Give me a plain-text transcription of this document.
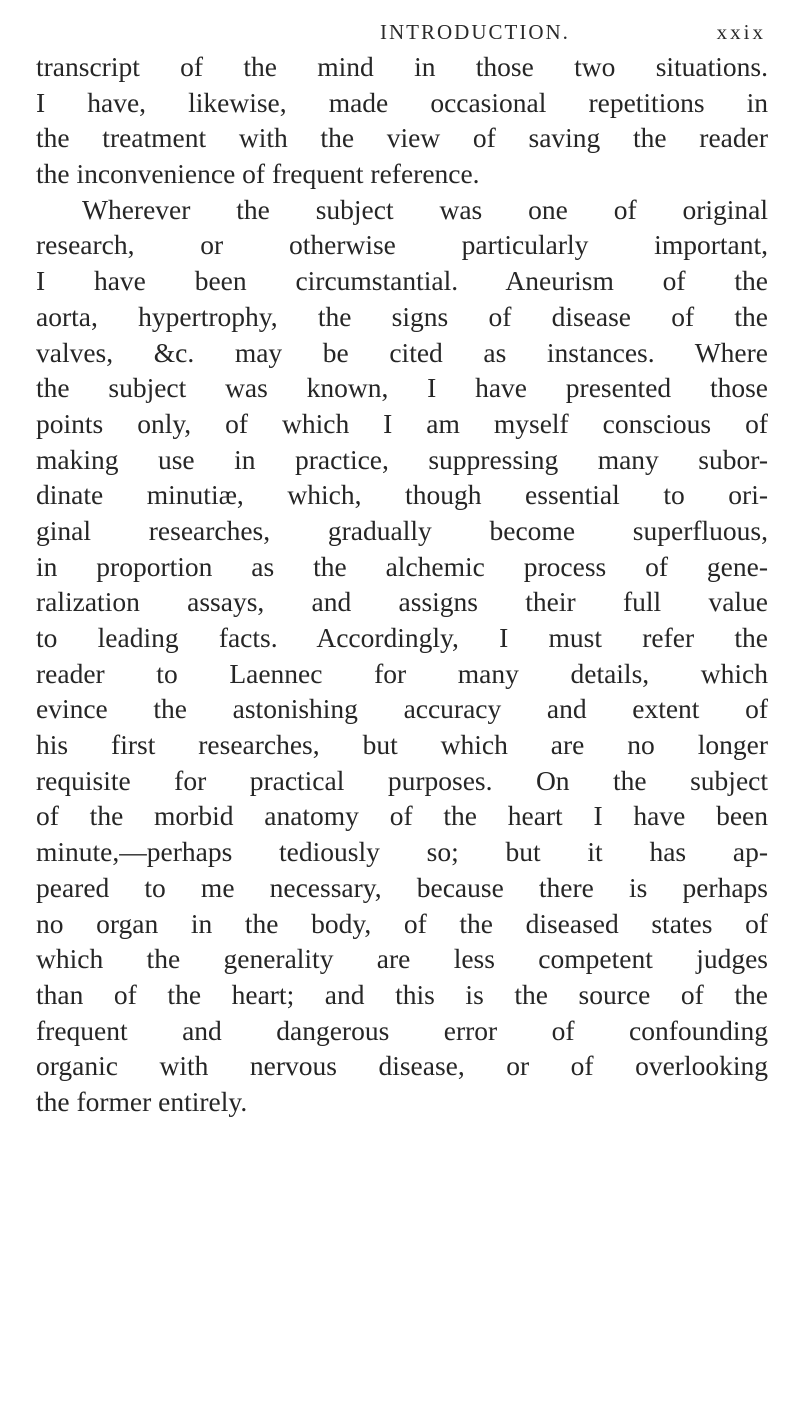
INTRODUCTION.	xxix
transcript of the mind in those two situations.
I have, likewise, made occasional repetitions in
the treatment with the view of saving the reader
the inconvenience of frequent reference.
Wherever the subject was one of original
research, or otherwise particularly important,
I have been circumstantial. Aneurism of the
aorta, hypertrophy, the signs of disease of the
valves, &c. may be cited as instances. Where
the subject was known, I have presented those
points only, of which I am myself conscious of
making use in practice, suppressing many subor-
dinate minutiæ, which, though essential to ori-
ginal researches, gradually become superfluous,
in proportion as the alchemic process of gene-
ralization assays, and assigns their full value
to leading facts. Accordingly, I must refer the
reader to Laennec for many details, which
evince the astonishing accuracy and extent of
his first researches, but which are no longer
requisite for practical purposes. On the subject
of the morbid anatomy of the heart I have been
minute,—perhaps tediously so; but it has ap-
peared to me necessary, because there is perhaps
no organ in the body, of the diseased states of
which the generality are less competent judges
than of the heart; and this is the source of the
frequent and dangerous error of confounding
organic with nervous disease, or of overlooking
the former entirely.
